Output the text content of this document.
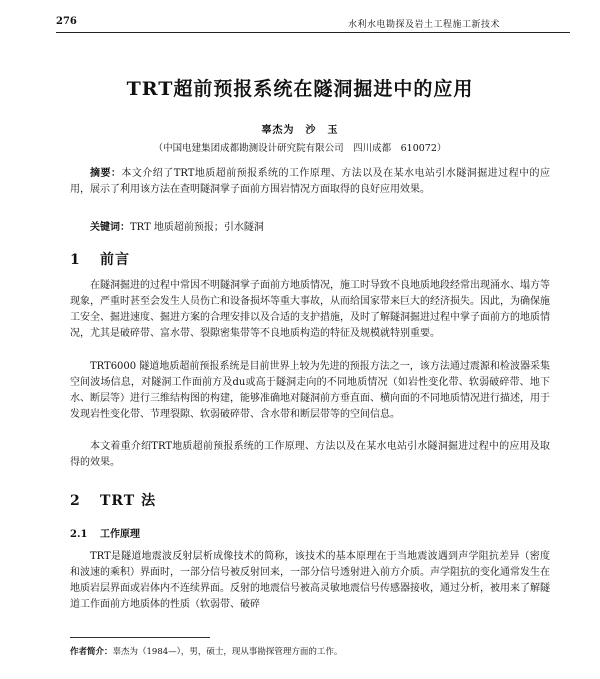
276	水利水电勘探及岩土工程施工新技术
TRT超前预报系统在隧洞掘进中的应用
辜杰为　沙　玉
（中国电建集团成都勘测设计研究院有限公司　四川成都　610072）
摘要：本文介绍了TRT地质超前预报系统的工作原理、方法以及在某水电站引水隧洞掘进过程中的应用，展示了利用该方法在查明隧洞掌子面前方围岩情况方面取得的良好应用效果。
关键词：TRT 地质超前预报；引水隧洞
1 前言
在隧洞掘进的过程中常因不明隧洞掌子面前方地质情况，施工时导致不良地质地段经常出现涌水、塌方等现象，严重时甚至会发生人员伤亡和设备损坏等重大事故，从而给国家带来巨大的经济损失。因此，为确保施工安全、掘进速度、掘进方案的合理安排以及合适的支护措施，及时了解隧洞掘进过程中掌子面前方的地质情况，尤其是破碎带、富水带、裂隙密集带等不良地质构造的特征及规模就特别重要。
TRT6000 隧道地质超前预报系统是目前世界上较为先进的预报方法之一，该方法通过震源和检波器采集空间波场信息，对隧洞工作面前方及du或高于隧洞走向的不同地质情况（如岩性变化带、软弱破碎带、地下水、断层等）进行三维结构图的构建，能够准确地对隧洞前方垂直面、横向面的不同地质情况进行描述，用于发现岩性变化带、节理裂隙、软弱破碎带、含水带和断层带等的空间信息。
本文着重介绍TRT地质超前预报系统的工作原理、方法以及在某水电站引水隧洞掘进过程中的应用及取得的效果。
2 TRT 法
2.1 工作原理
TRT是隧道地震波反射层析成像技术的简称，该技术的基本原理在于当地震波遇到声学阻抗差异（密度和波速的乘积）界面时，一部分信号被反射回来，一部分信号透射进入前方介质。声学阻抗的变化通常发生在地质岩层界面或岩体内不连续界面。反射的地震信号被高灵敏地震信号传感器接收，通过分析，被用来了解隧道工作面前方地质体的性质（软弱带、破碎
作者简介：辜杰为（1984—），男，硕士，现从事勘探管理方面的工作。
